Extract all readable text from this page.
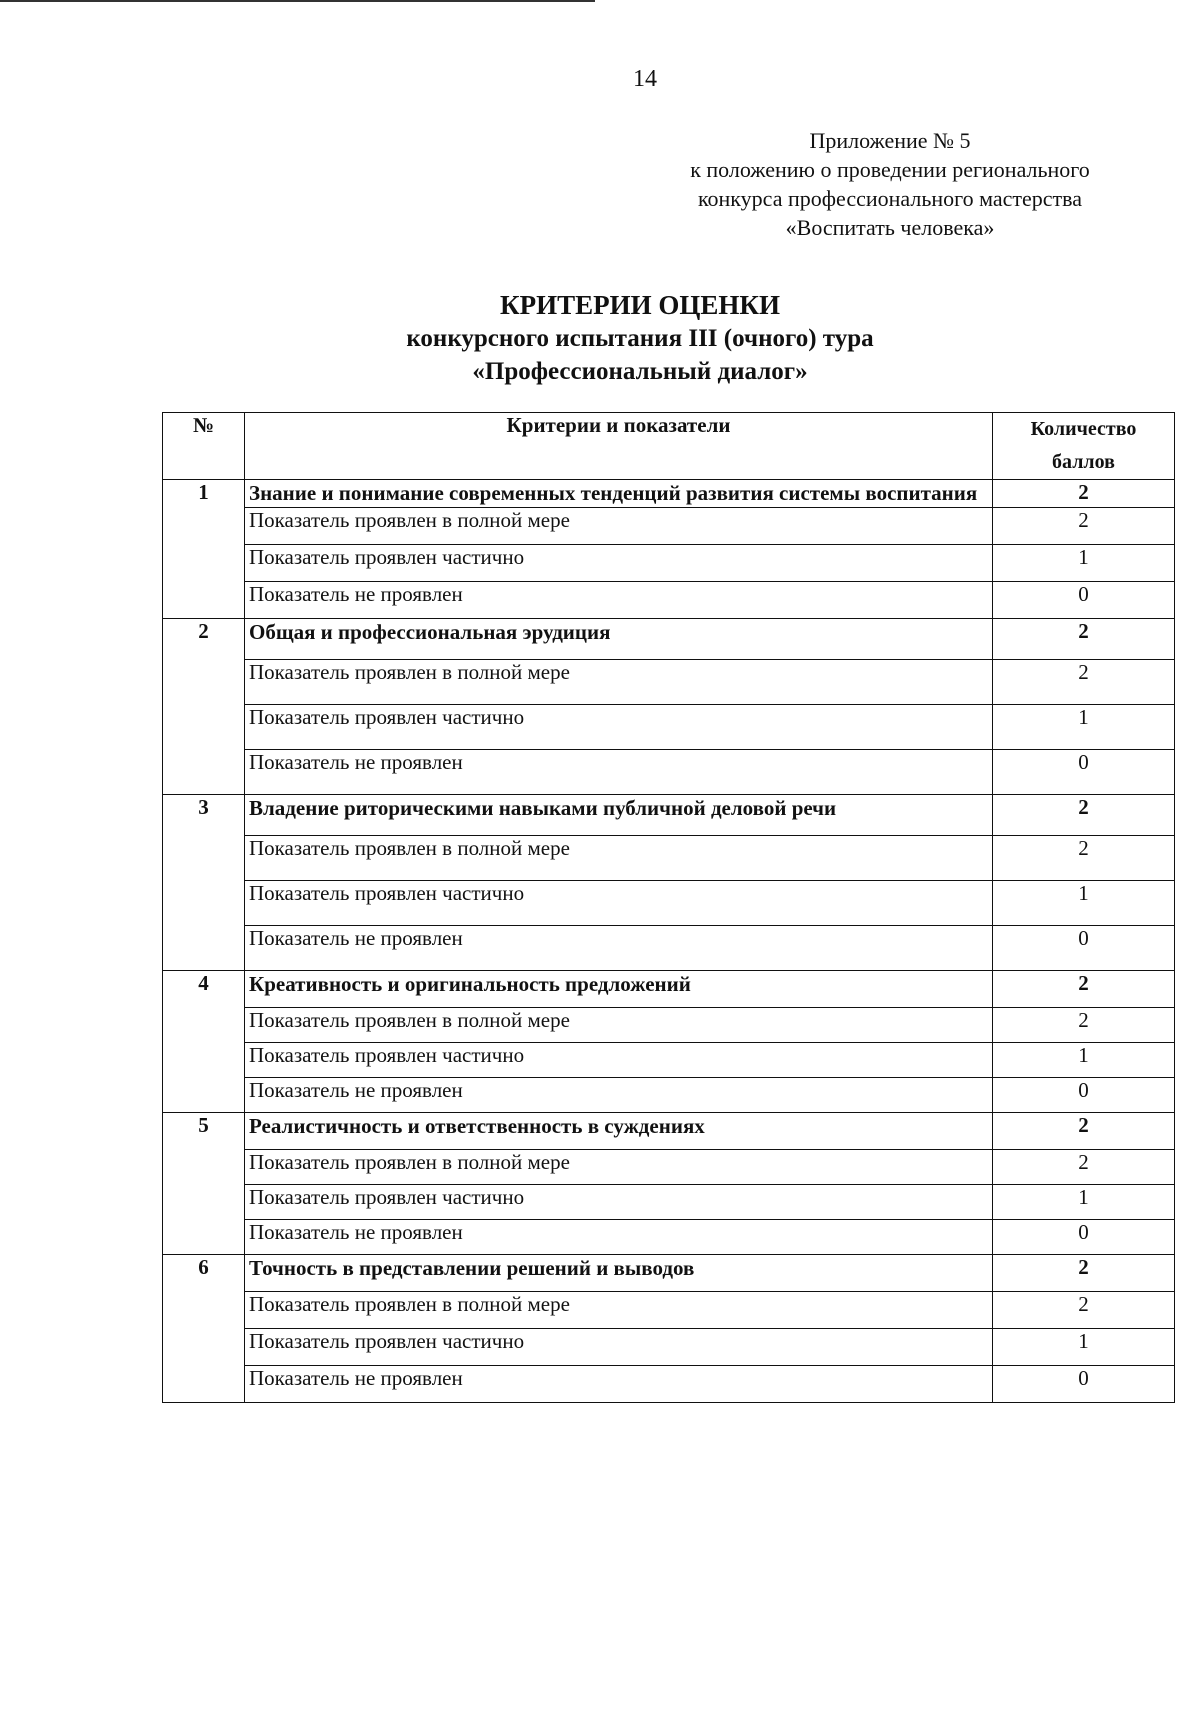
14
Приложение № 5
к положению о проведении регионального
конкурса профессионального мастерства
«Воспитать человека»
КРИТЕРИИ ОЦЕНКИ
конкурсного испытания III (очного) тура
«Профессиональный диалог»
№	Критерии и показатели	Количество баллов
1	Знание и понимание современных тенденций развития системы воспитания	2
	Показатель проявлен в полной мере	2
	Показатель проявлен частично	1
	Показатель не проявлен	0
2	Общая и профессиональная эрудиция	2
	Показатель проявлен в полной мере	2
	Показатель проявлен частично	1
	Показатель не проявлен	0
3	Владение риторическими навыками публичной деловой речи	2
	Показатель проявлен в полной мере	2
	Показатель проявлен частично	1
	Показатель не проявлен	0
4	Креативность и оригинальность предложений	2
	Показатель проявлен в полной мере	2
	Показатель проявлен частично	1
	Показатель не проявлен	0
5	Реалистичность и ответственность в суждениях	2
	Показатель проявлен в полной мере	2
	Показатель проявлен частично	1
	Показатель не проявлен	0
6	Точность в представлении решений и выводов	2
	Показатель проявлен в полной мере	2
	Показатель проявлен частично	1
	Показатель не проявлен	0
